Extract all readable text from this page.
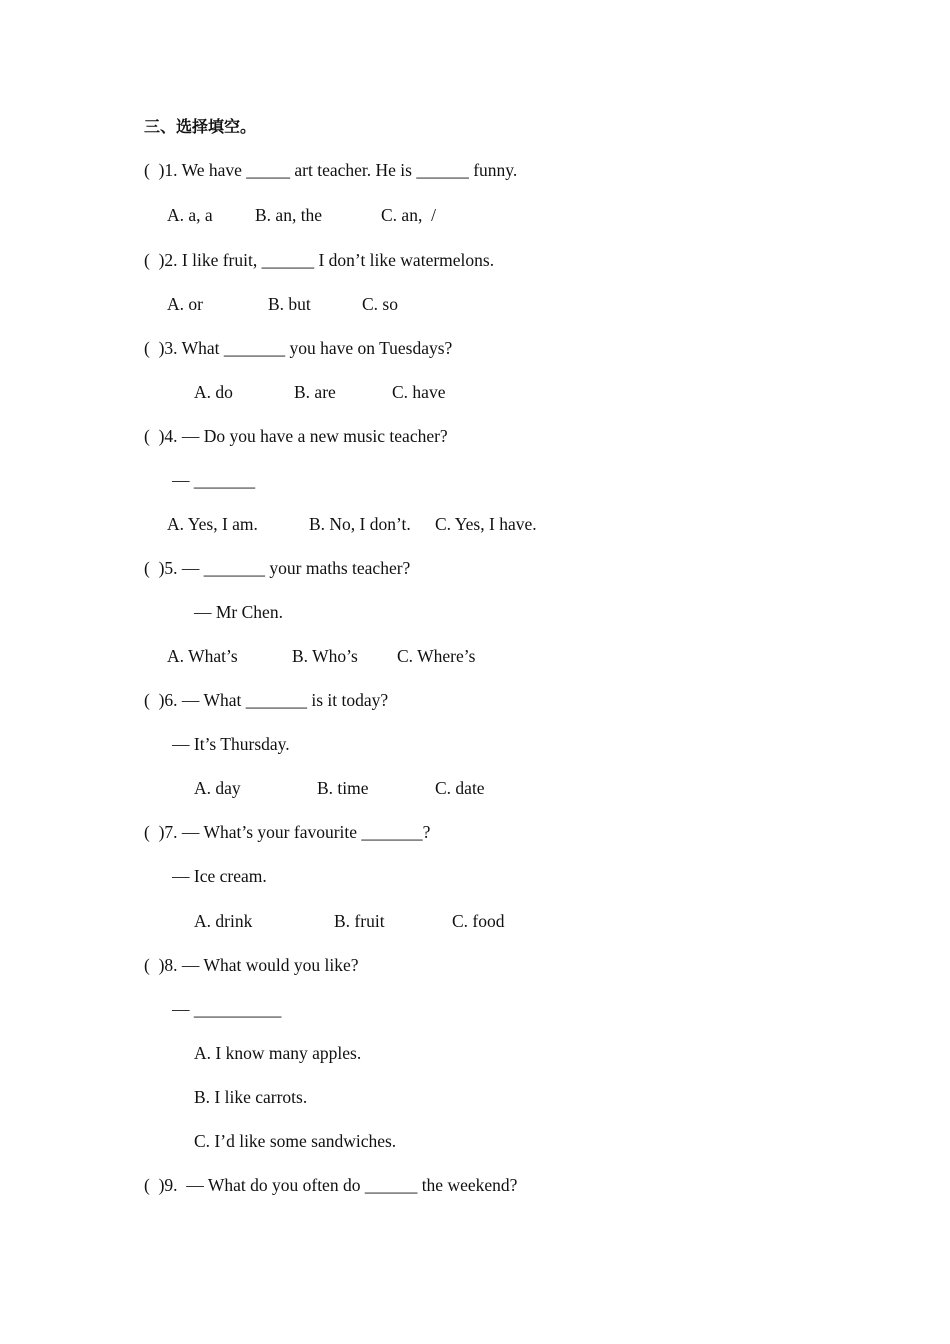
三、选择填空。
(  )1. We have _____ art teacher. He is ______ funny.
A. a, a B. an, the	C. an,  /
(  )2. I like fruit, ______ I don’t like watermelons.
A. or	B. but	C. so
(  )3. What _______ you have on Tuesdays?
A. do	B. are	C. have
(  )4. — Do you have a new music teacher?
— _______
A. Yes, I am.	B. No, I don’t. C. Yes, I have.
(  )5. — _______ your maths teacher?
— Mr Chen.
A. What’s	B. Who’s C. Where’s
(  )6. — What _______ is it today?
— It’s Thursday.
A. day	B. time	C. date
(  )7. — What’s your favourite _______?
— Ice cream.
A. drink	B. fruit	C. food
(  )8. — What would you like?
— __________
A. I know many apples.
B. I like carrots.
C. I’d like some sandwiches.
(  )9.  — What do you often do ______ the weekend?
